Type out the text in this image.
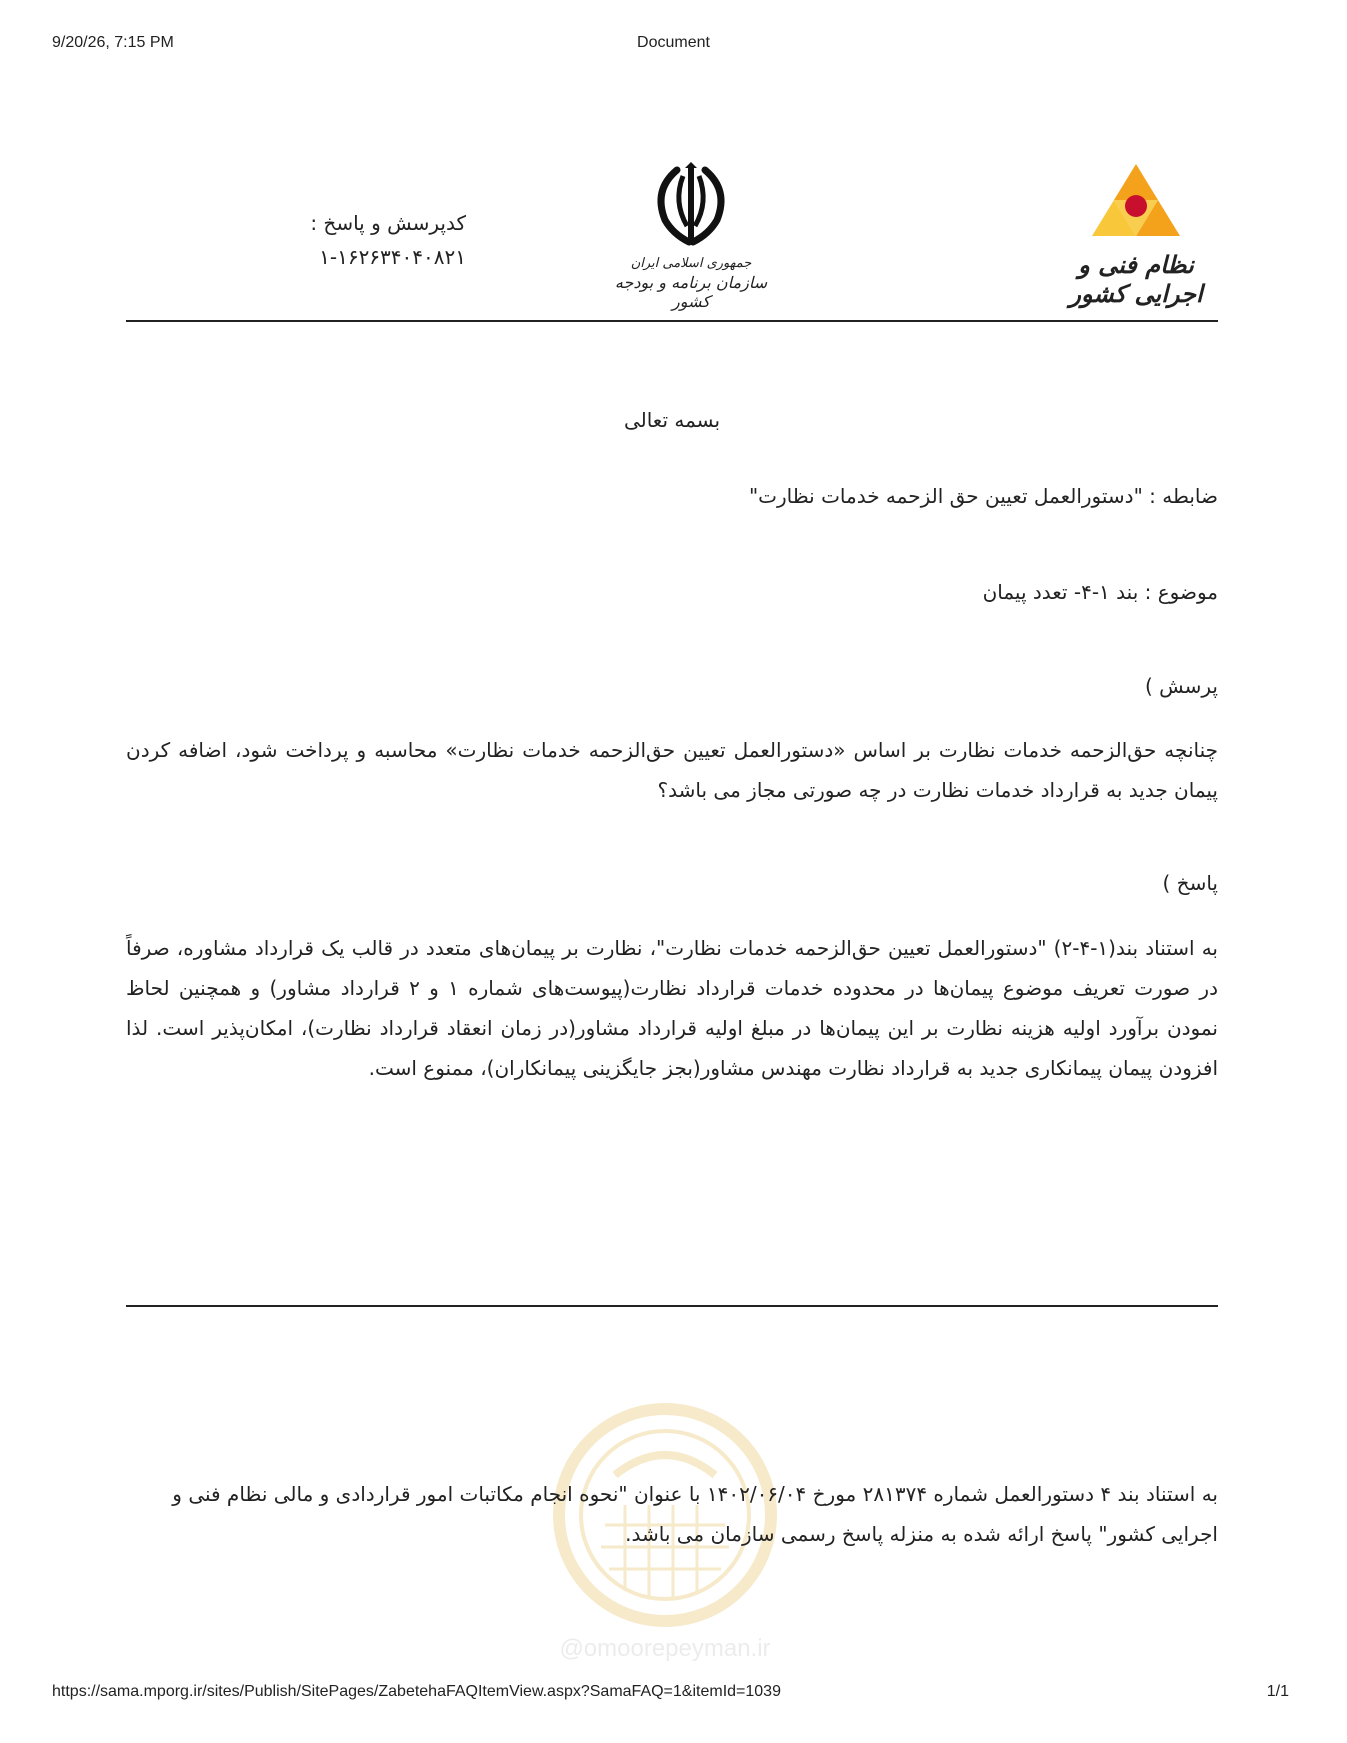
9/20/26, 7:15 PM	Document
کدپرسش و پاسخ :
۱-۱۶۲۶۳۴۰۴۰۸۲۱	جمهوری اسلامی ایران
سازمان برنامه و بودجه کشور
نظام فنی و اجرایی کشور
بسمه تعالی
ضابطه : "دستورالعمل تعیین حق الزحمه خدمات نظارت"
موضوع : بند ۱-۴- تعدد پیمان
پرسش )
چنانچه حق‌الزحمه خدمات نظارت بر اساس «دستورالعمل تعیین حق‌الزحمه خدمات نظارت» محاسبه و پرداخت شود، اضافه کردن پیمان جدید به قرارداد خدمات نظارت در چه صورتی مجاز می باشد؟
پاسخ )
به استناد بند(۱-۴-۲) "دستورالعمل تعیین حق‌الزحمه خدمات نظارت"، نظارت بر پیمان‌های متعدد در قالب یک قرارداد مشاوره، صرفاً در صورت تعریف موضوع پیمان‌ها در محدوده خدمات قرارداد نظارت(پیوست‌های شماره ۱ و ۲ قرارداد مشاور) و همچنین لحاظ نمودن برآورد اولیه هزینه نظارت بر این پیمان‌ها در مبلغ اولیه قرارداد مشاور(در زمان انعقاد قرارداد نظارت)، امکان‌پذیر است. لذا افزودن پیمان پیمانکاری جدید به قرارداد نظارت مهندس مشاور(بجز جایگزینی پیمانکاران)، ممنوع است.
@omoorepeyman.ir
به استناد بند ۴ دستورالعمل شماره ۲۸۱۳۷۴ مورخ ۱۴۰۲/۰۶/۰۴ با عنوان "نحوه انجام مکاتبات امور قراردادی و مالی نظام فنی و اجرایی کشور" پاسخ ارائه شده به منزله پاسخ رسمی سازمان می باشد.
https://sama.mporg.ir/sites/Publish/SitePages/ZabetehaFAQItemView.aspx?SamaFAQ=1&itemId=1039	1/1
